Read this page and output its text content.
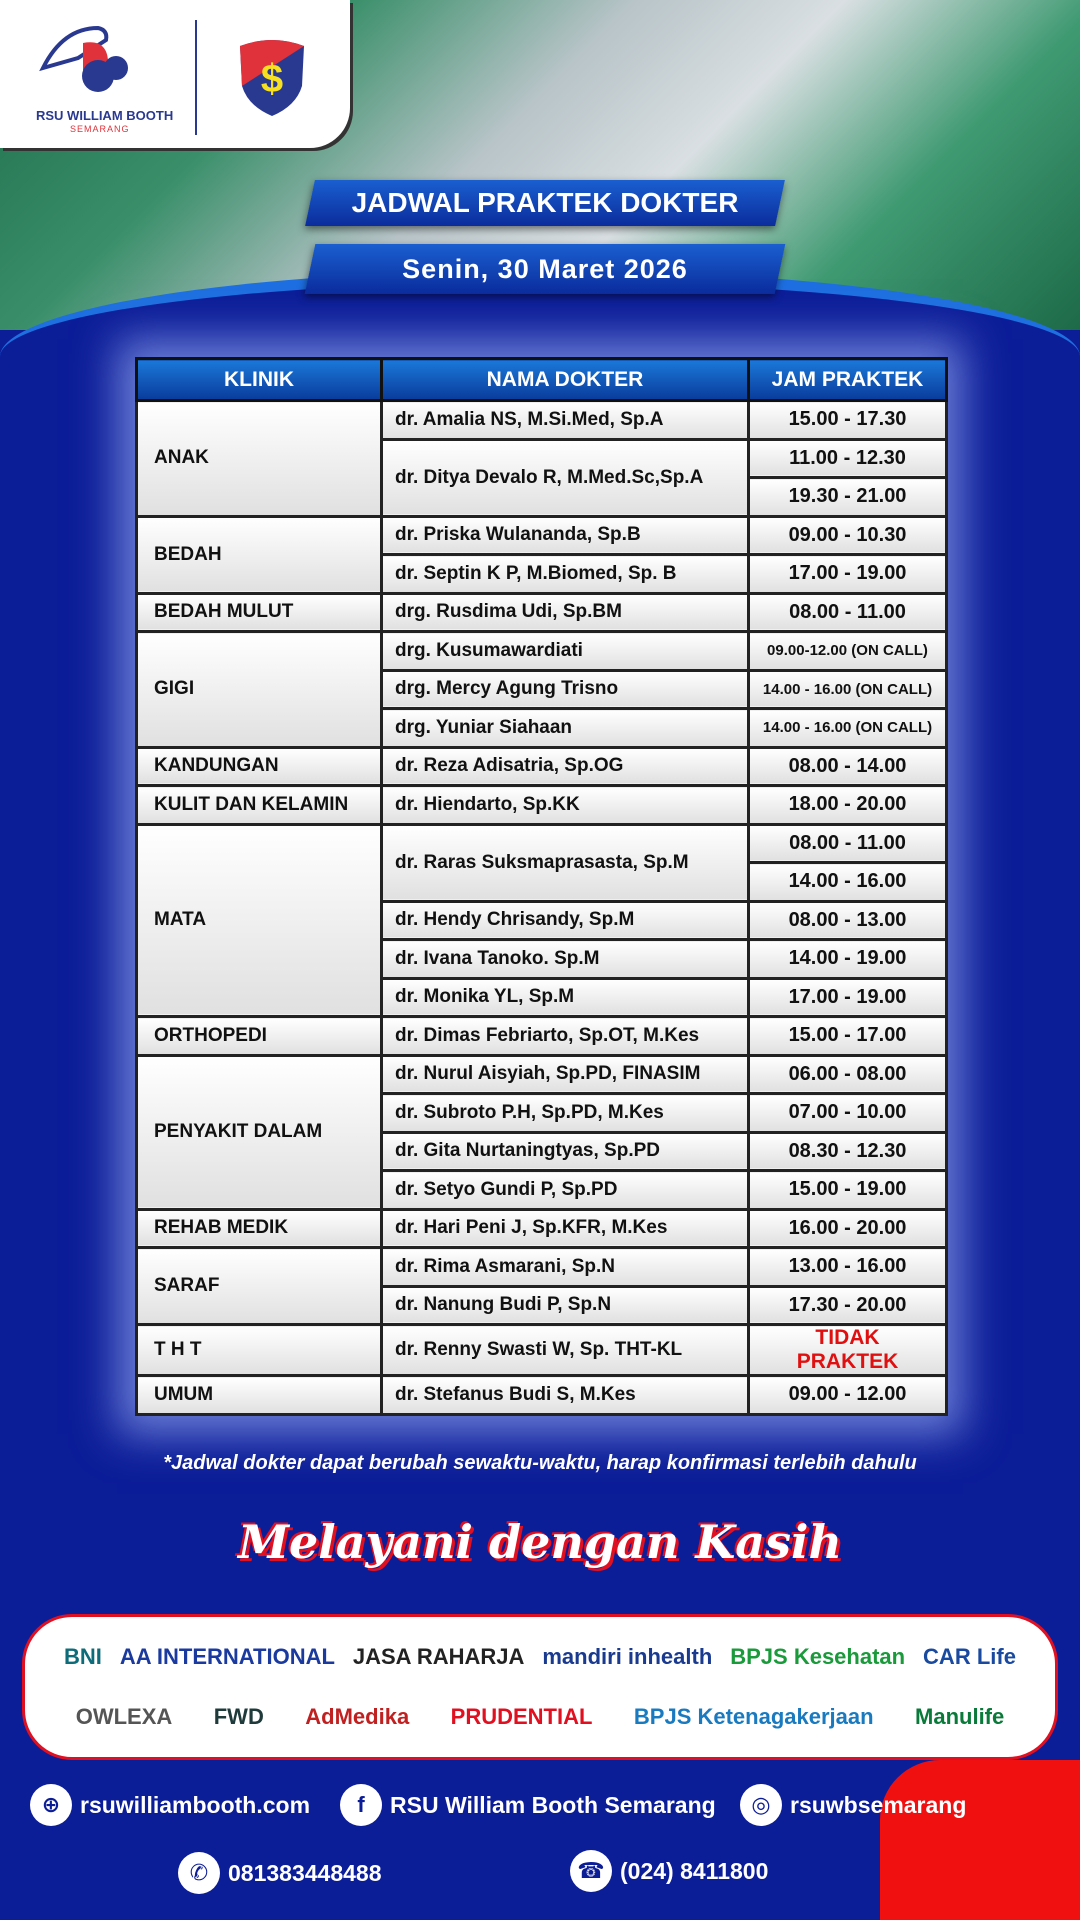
RSU WILLIAM BOOTH
SEMARANG
$
JADWAL PRAKTEK DOKTER
Senin, 30 Maret 2026
KLINIK	NAMA DOKTER	JAM PRAKTEK
ANAK	dr. Amalia NS, M.Si.Med, Sp.A	15.00 - 17.30
	dr. Ditya Devalo R, M.Med.Sc,Sp.A	11.00 - 12.30
		19.30 - 21.00
BEDAH	dr. Priska Wulananda, Sp.B	09.00 - 10.30
	dr. Septin K P, M.Biomed, Sp. B	17.00 - 19.00
BEDAH MULUT	drg. Rusdima Udi, Sp.BM	08.00 - 11.00
GIGI	drg. Kusumawardiati	09.00-12.00 (ON CALL)
	drg. Mercy Agung Trisno	14.00 - 16.00 (ON CALL)
	drg. Yuniar Siahaan	14.00 - 16.00 (ON CALL)
KANDUNGAN	dr. Reza Adisatria, Sp.OG	08.00 - 14.00
KULIT DAN KELAMIN	dr. Hiendarto, Sp.KK	18.00 - 20.00
MATA	dr. Raras Suksmaprasasta, Sp.M	08.00 - 11.00
		14.00 - 16.00
	dr. Hendy Chrisandy, Sp.M	08.00 - 13.00
	dr. Ivana Tanoko. Sp.M	14.00 - 19.00
	dr. Monika YL, Sp.M	17.00 - 19.00
ORTHOPEDI	dr. Dimas Febriarto, Sp.OT, M.Kes	15.00 - 17.00
PENYAKIT DALAM	dr. Nurul Aisyiah, Sp.PD, FINASIM	06.00 - 08.00
	dr. Subroto P.H, Sp.PD, M.Kes	07.00 - 10.00
	dr. Gita Nurtaningtyas, Sp.PD	08.30 - 12.30
	dr. Setyo Gundi P, Sp.PD	15.00 - 19.00
REHAB MEDIK	dr. Hari Peni J, Sp.KFR, M.Kes	16.00 - 20.00
SARAF	dr. Rima Asmarani, Sp.N	13.00 - 16.00
	dr. Nanung Budi P, Sp.N	17.30 - 20.00
T H T	dr. Renny Swasti W, Sp. THT-KL	TIDAK PRAKTEK
UMUM	dr. Stefanus Budi S, M.Kes	09.00 - 12.00
*Jadwal dokter dapat berubah sewaktu-waktu, harap konfirmasi terlebih dahulu
Melayani dengan Kasih
BNI AA INTERNATIONAL JASA RAHARJA mandiri inhealth BPJS Kesehatan CAR Life
OWLEXA FWD AdMedika PRUDENTIAL BPJS Ketenagakerjaan Manulife
⊕ rsuwilliambooth.com	f	RSU William Booth Semarang	◎ rsuwbsemarang
✆ 081383448488	☎ (024) 8411800
